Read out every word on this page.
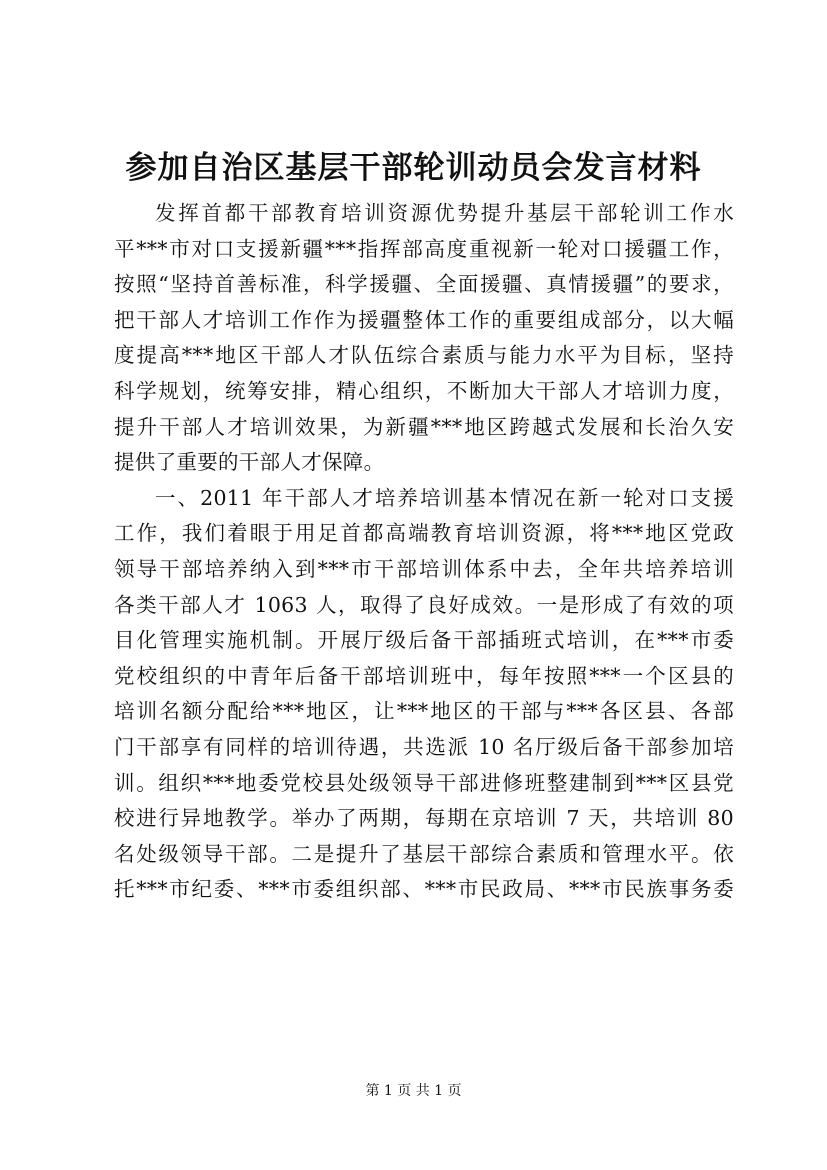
参加自治区基层干部轮训动员会发言材料
发挥首都干部教育培训资源优势提升基层干部轮训工作水
平***市对口支援新疆***指挥部高度重视新一轮对口援疆工作，
按照“坚持首善标准，科学援疆、全面援疆、真情援疆”的要求，
把干部人才培训工作作为援疆整体工作的重要组成部分，以大幅
度提高***地区干部人才队伍综合素质与能力水平为目标，坚持
科学规划，统筹安排，精心组织，不断加大干部人才培训力度，
提升干部人才培训效果，为新疆***地区跨越式发展和长治久安
提供了重要的干部人才保障。
一、2011 年干部人才培养培训基本情况在新一轮对口支援
工作，我们着眼于用足首都高端教育培训资源，将***地区党政
领导干部培养纳入到***市干部培训体系中去，全年共培养培训
各类干部人才 1063 人，取得了良好成效。一是形成了有效的项
目化管理实施机制。开展厅级后备干部插班式培训，在***市委
党校组织的中青年后备干部培训班中，每年按照***一个区县的
培训名额分配给***地区，让***地区的干部与***各区县、各部
门干部享有同样的培训待遇，共选派 10 名厅级后备干部参加培
训。组织***地委党校县处级领导干部进修班整建制到***区县党
校进行异地教学。举办了两期，每期在京培训 7 天，共培训 80
名处级领导干部。二是提升了基层干部综合素质和管理水平。依
托***市纪委、***市委组织部、***市民政局、***市民族事务委
第 1 页 共 1 页
